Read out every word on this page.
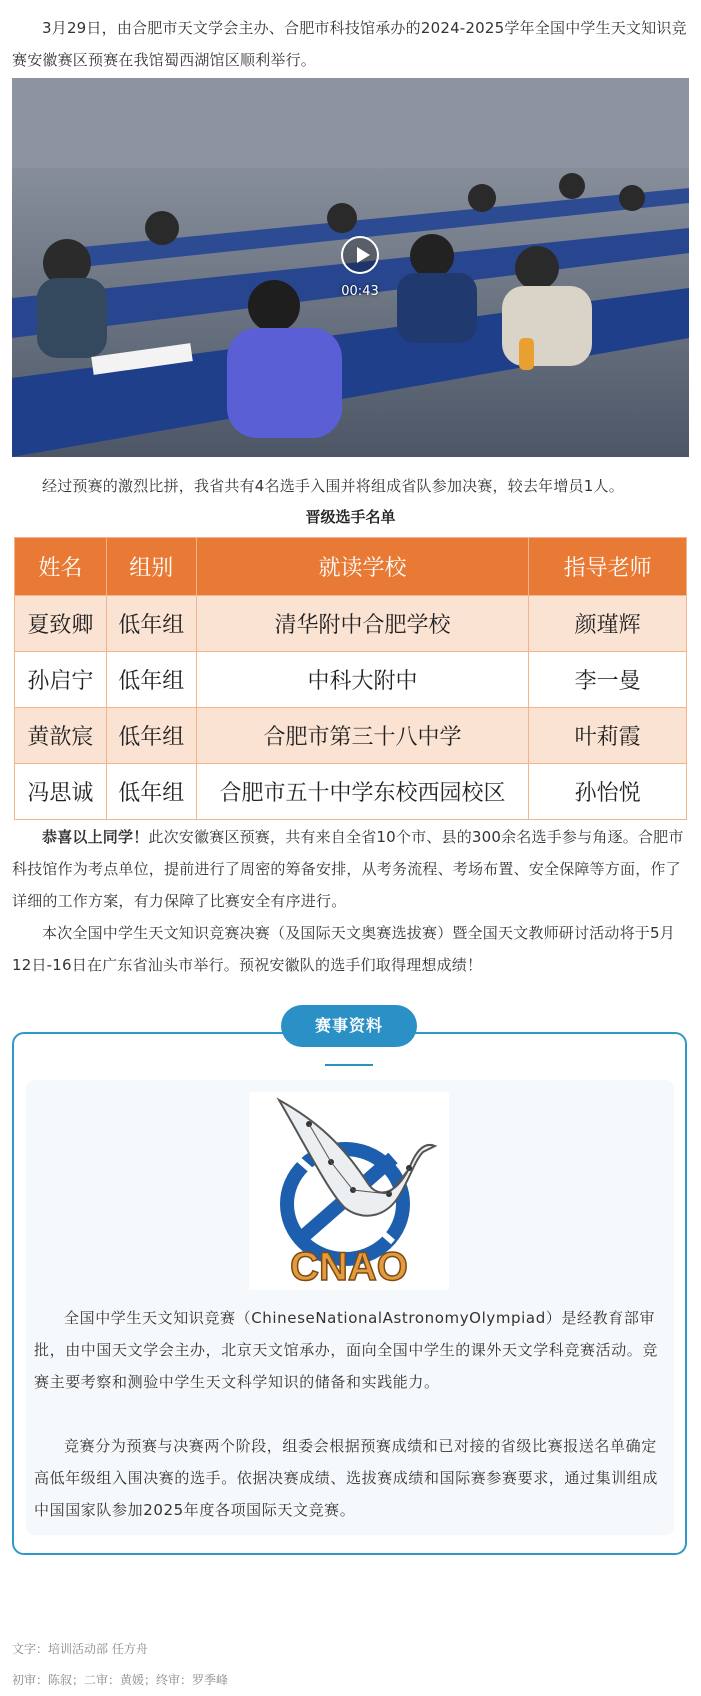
3月29日，由合肥市天文学会主办、合肥市科技馆承办的2024-2025学年全国中学生天文知识竞赛安徽赛区预赛在我馆蜀西湖馆区顺利举行。
00:43
经过预赛的激烈比拼，我省共有4名选手入围并将组成省队参加决赛，较去年增员1人。
晋级选手名单
姓名	组别	就读学校	指导老师
夏致卿	低年组	清华附中合肥学校	颜瑾辉
孙启宁	低年组	中科大附中	李一曼
黄歆宸	低年组	合肥市第三十八中学	叶莉霞
冯思诚	低年组	合肥市五十中学东校西园校区	孙怡悦
恭喜以上同学！此次安徽赛区预赛，共有来自全省10个市、县的300余名选手参与角逐。合肥市科技馆作为考点单位，提前进行了周密的筹备安排，从考务流程、考场布置、安全保障等方面，作了详细的工作方案，有力保障了比赛安全有序进行。
本次全国中学生天文知识竞赛决赛（及国际天文奥赛选拔赛）暨全国天文教师研讨活动将于5月12日-16日在广东省汕头市举行。预祝安徽队的选手们取得理想成绩！
赛事资料
CNAO
全国中学生天文知识竞赛（ChineseNationalAstronomyOlympiad）是经教育部审批，由中国天文学会主办，北京天文馆承办，面向全国中学生的课外天文学科竞赛活动。竞赛主要考察和测验中学生天文科学知识的储备和实践能力。
竞赛分为预赛与决赛两个阶段，组委会根据预赛成绩和已对接的省级比赛报送名单确定高低年级组入围决赛的选手。依据决赛成绩、选拔赛成绩和国际赛参赛要求，通过集训组成中国国家队参加2025年度各项国际天文竞赛。
文字：培训活动部 任方舟
初审：陈叙；二审：黄媛；终审：罗季峰
